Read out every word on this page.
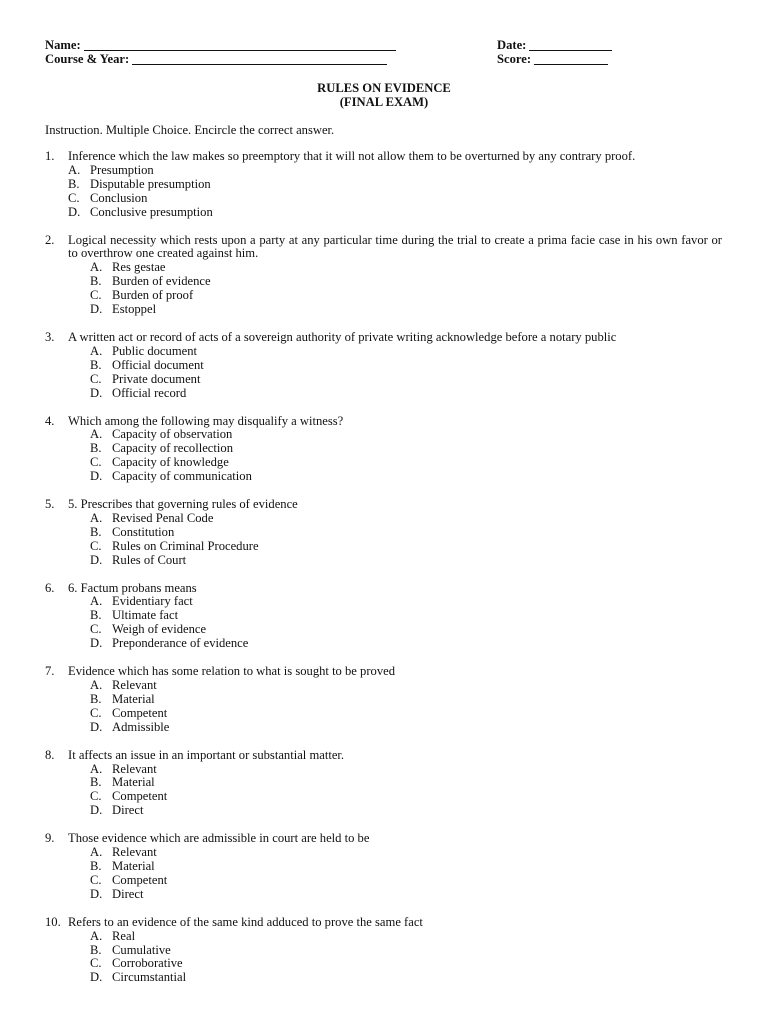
Name:
Course & Year:
Date:
Score:
RULES ON EVIDENCE
(FINAL EXAM)
Instruction. Multiple Choice. Encircle the correct answer.
1.	Inference which the law makes so preemptory that it will not allow them to be overturned by any contrary proof.
A. Presumption
B. Disputable presumption
C. Conclusion
D. Conclusive presumption
2.	Logical necessity which rests upon a party at any particular time during the trial to create a prima facie case in his own favor or to overthrow one created against him.
A. Res gestae
B. Burden of evidence
C. Burden of proof
D. Estoppel
3.	A written act or record of acts of a sovereign authority of private writing acknowledge before a notary public
A. Public document
B. Official document
C. Private document
D. Official record
4.	Which among the following may disqualify a witness?
A. Capacity of observation
B. Capacity of recollection
C. Capacity of knowledge
D. Capacity of communication
5.	5. Prescribes that governing rules of evidence
A. Revised Penal Code
B. Constitution
C. Rules on Criminal Procedure
D. Rules of Court
6.	6. Factum probans means
A. Evidentiary fact
B. Ultimate fact
C. Weigh of evidence
D. Preponderance of evidence
7.	Evidence which has some relation to what is sought to be proved
A. Relevant
B. Material
C. Competent
D. Admissible
8.	It affects an issue in an important or substantial matter.
A. Relevant
B. Material
C. Competent
D. Direct
9.	Those evidence which are admissible in court are held to be
A. Relevant
B. Material
C. Competent
D. Direct
10. Refers to an evidence of the same kind adduced to prove the same fact
A. Real
B. Cumulative
C. Corroborative
D. Circumstantial
